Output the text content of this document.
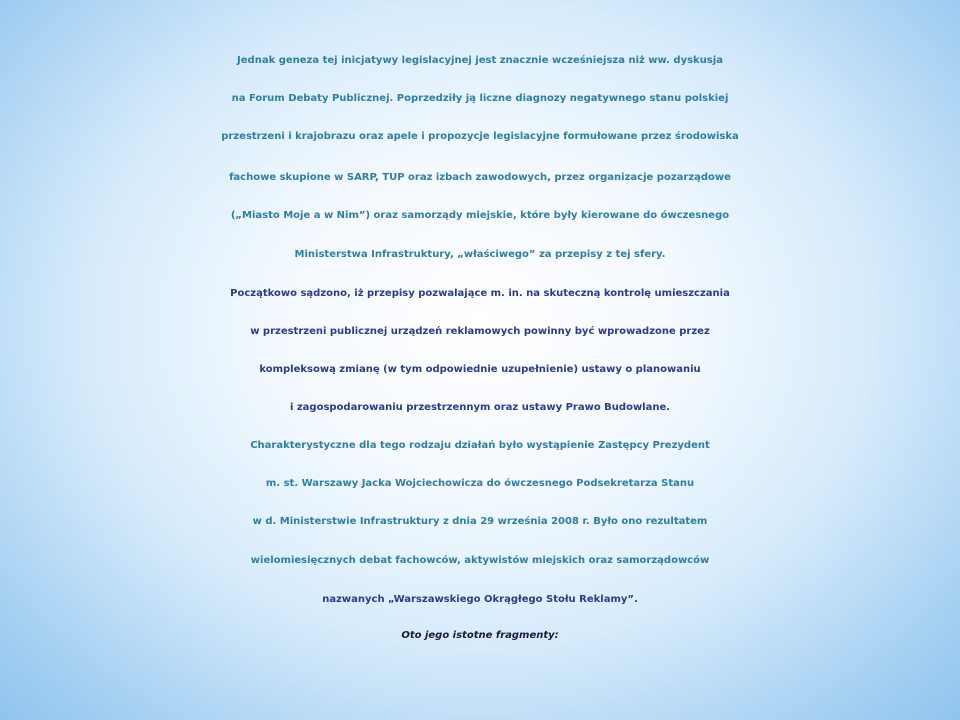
Jednak geneza tej inicjatywy legislacyjnej jest znacznie wcześniejsza niż ww. dyskusja
na Forum Debaty Publicznej. Poprzedziły ją liczne diagnozy negatywnego stanu polskiej
przestrzeni i krajobrazu oraz apele i propozycje legislacyjne formułowane przez środowiska
fachowe skupione w SARP, TUP oraz izbach zawodowych, przez organizacje pozarządowe
(„Miasto Moje a w Nim”) oraz samorządy miejskie, które były kierowane do ówczesnego
Ministerstwa Infrastruktury, „właściwego” za przepisy z tej sfery.
Początkowo sądzono, iż przepisy pozwalające m. in. na skuteczną kontrolę umieszczania
w przestrzeni publicznej urządzeń reklamowych powinny być wprowadzone przez
kompleksową zmianę (w tym odpowiednie uzupełnienie) ustawy o planowaniu
i zagospodarowaniu przestrzennym oraz ustawy Prawo Budowlane.
Charakterystyczne dla tego rodzaju działań było wystąpienie Zastępcy Prezydent
m. st. Warszawy Jacka Wojciechowicza do ówczesnego Podsekretarza Stanu
w d. Ministerstwie Infrastruktury z dnia 29 września 2008 r. Było ono rezultatem
wielomiesięcznych debat fachowców, aktywistów miejskich oraz samorządowców
nazwanych „Warszawskiego Okrągłego Stołu Reklamy”.
Oto jego istotne fragmenty:
